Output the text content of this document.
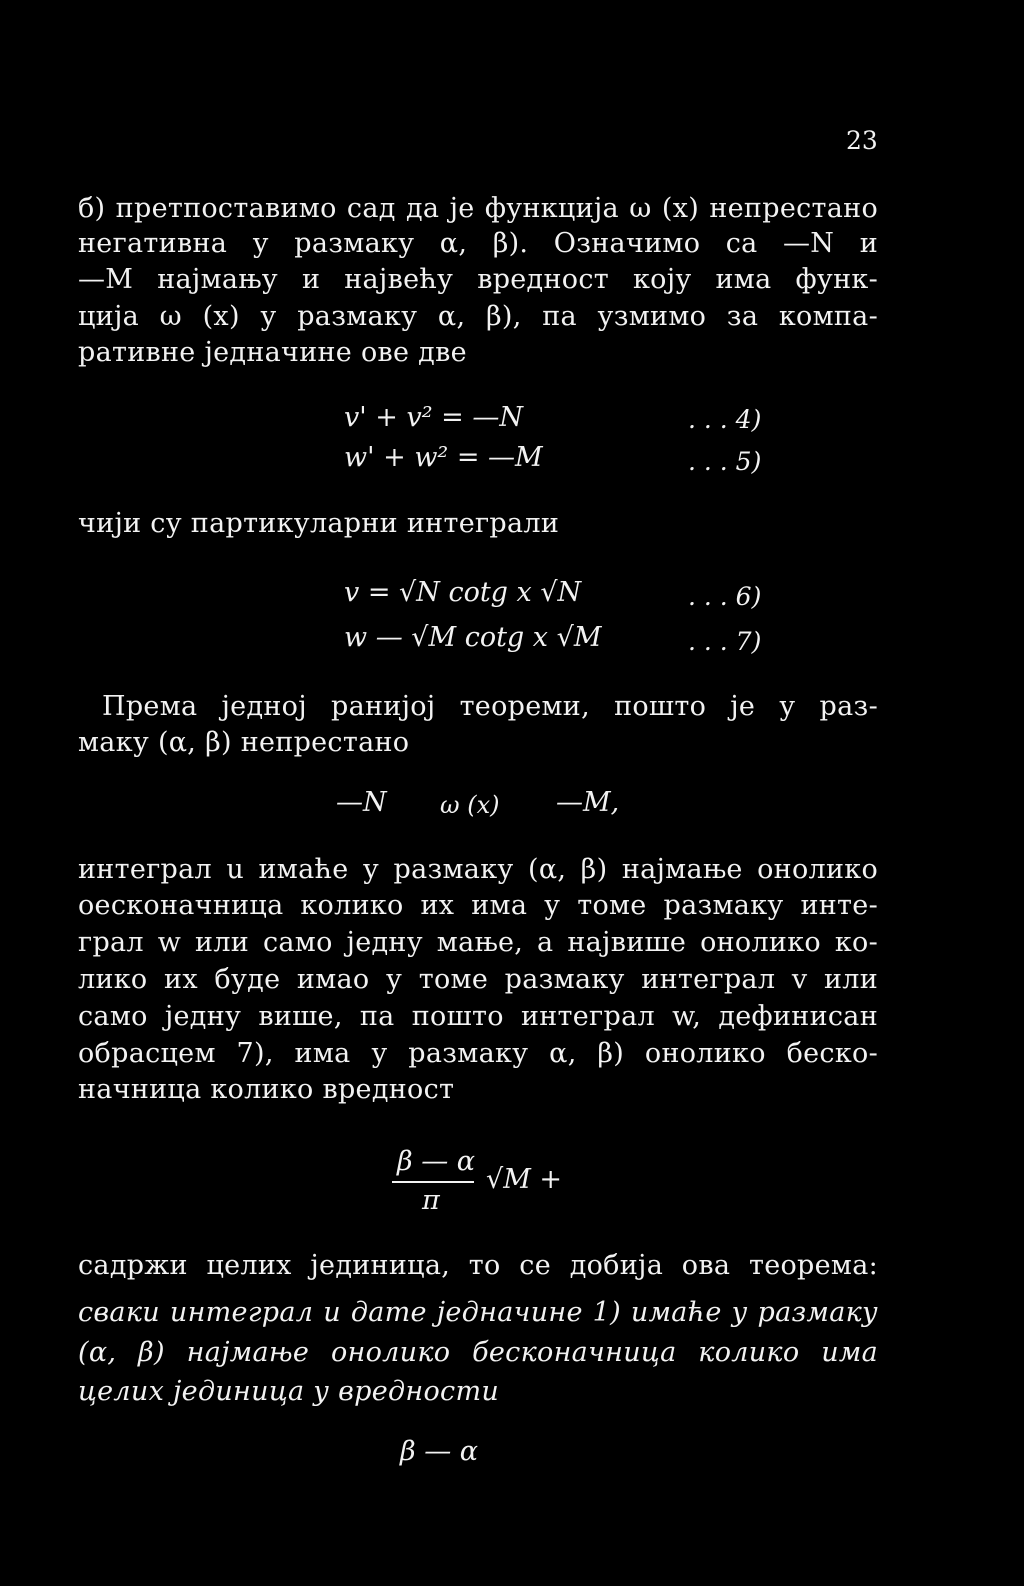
23
б) претпоставимо сад да је функција ω (x) непрестано
негативна у размаку α, β). Означимо са —N и
—M најмању и највећу вредност коју има функ-
ција ω (x) у размаку α, β), па узмимо за компа-
ративне једначине ове две
v' + v² = —N	. . . 4)
w' + w² = —M	. . . 5)
чији су партикуларни интеграли
v = √N cotg x √N	. . . 6)
w — √M cotg x √M	. . . 7)
Према једној ранијој теореми, пошто је у раз-
маку (α, β) непрестано
—N ω (x) —M,
интеграл u имаће у размаку (α, β) најмање онолико
оесконачница колико их има у томе размаку инте-
грал w или само једну мање, а највише онолико ко-
лико их буде имао у томе размаку интеграл v или
само једну више, па пошто интеграл w, дефинисан
обрасцем 7), има у размаку α, β) онолико беско-
начница колико вредност
β — α
π
√M +
садржи целих јединица, то се добија ова теорема:
сваки интеграл u дате једначине 1) имаће у размаку
(α, β) најмање онолико бесконачница колико има
целих јединица у вредности
β — α
